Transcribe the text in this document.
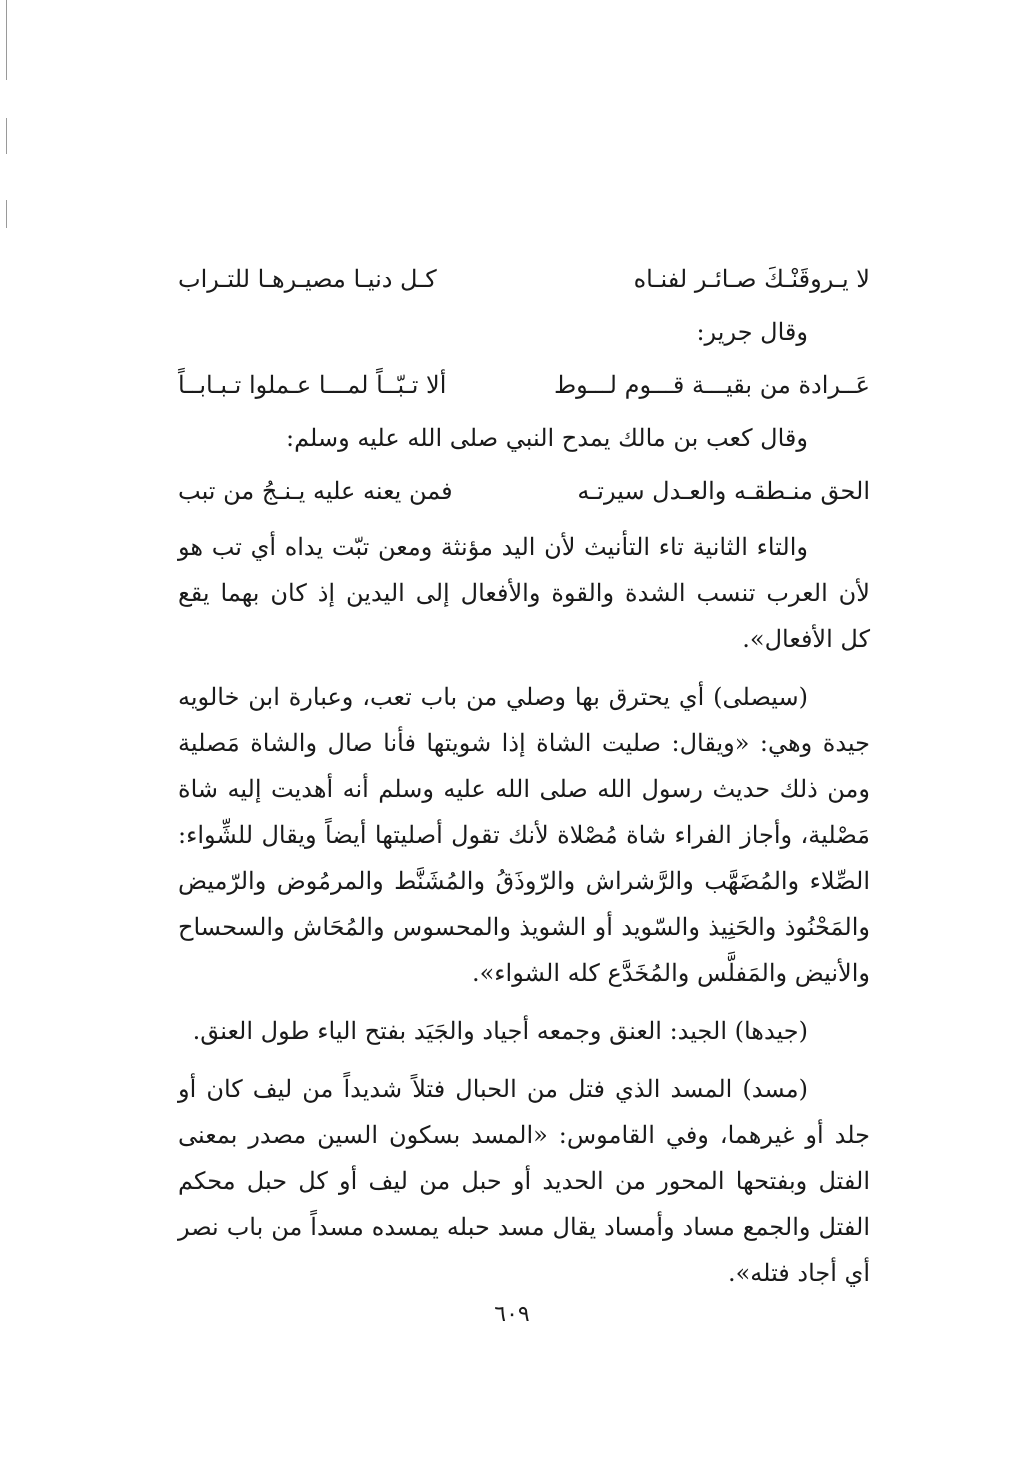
لا يـروقَنْـكَ صـائـر لفنـاه
كـل دنيـا مصيـرهـا للتـراب
وقال جرير:
عَــرادة من بقيـــة قـــوم لـــوط
ألا تـبّــاً لمـــا عـملوا تـبـابــاً
وقال كعب بن مالك يمدح النبي صلى الله عليه وسلم:
الحق منـطقـه والعـدل سيرتـه
فمن يعنه عليه يـنـجُ من تبب

والتاء الثانية تاء التأنيث لأن اليد مؤنثة ومعن تبّت يداه أي تب هو لأن العرب تنسب الشدة والقوة والأفعال إلى اليدين إذ كان بهما يقع كل الأفعال».

(سيصلى) أي يحترق بها وصلي من باب تعب، وعبارة ابن خالويه جيدة وهي: «ويقال: صليت الشاة إذا شويتها فأنا صال والشاة مَصلية ومن ذلك حديث رسول الله صلى الله عليه وسلم أنه أهديت إليه شاة مَصْلية، وأجاز الفراء شاة مُصْلاة لأنك تقول أصليتها أيضاً ويقال للشِّواء: الصِّلاء والمُضَهَّب والرَّشراش والرّوذَقُ والمُشَنَّط والمرمُوض والرّميض والمَحْنُوذ والحَنِيذ والسّويد أو الشويذ والمحسوس والمُحَاش والسحساح والأنيض والمَفلَّس والمُخَدَّع كله الشواء».

(جيدها) الجيد: العنق وجمعه أجياد والجَيَد بفتح الياء طول العنق.

(مسد) المسد الذي فتل من الحبال فتلاً شديداً من ليف كان أو جلد أو غيرهما، وفي القاموس: «المسد بسكون السين مصدر بمعنى الفتل وبفتحها المحور من الحديد أو حبل من ليف أو كل حبل محكم الفتل والجمع مساد وأمساد يقال مسد حبله يمسده مسداً من باب نصر أي أجاد فتله».

٦٠٩
